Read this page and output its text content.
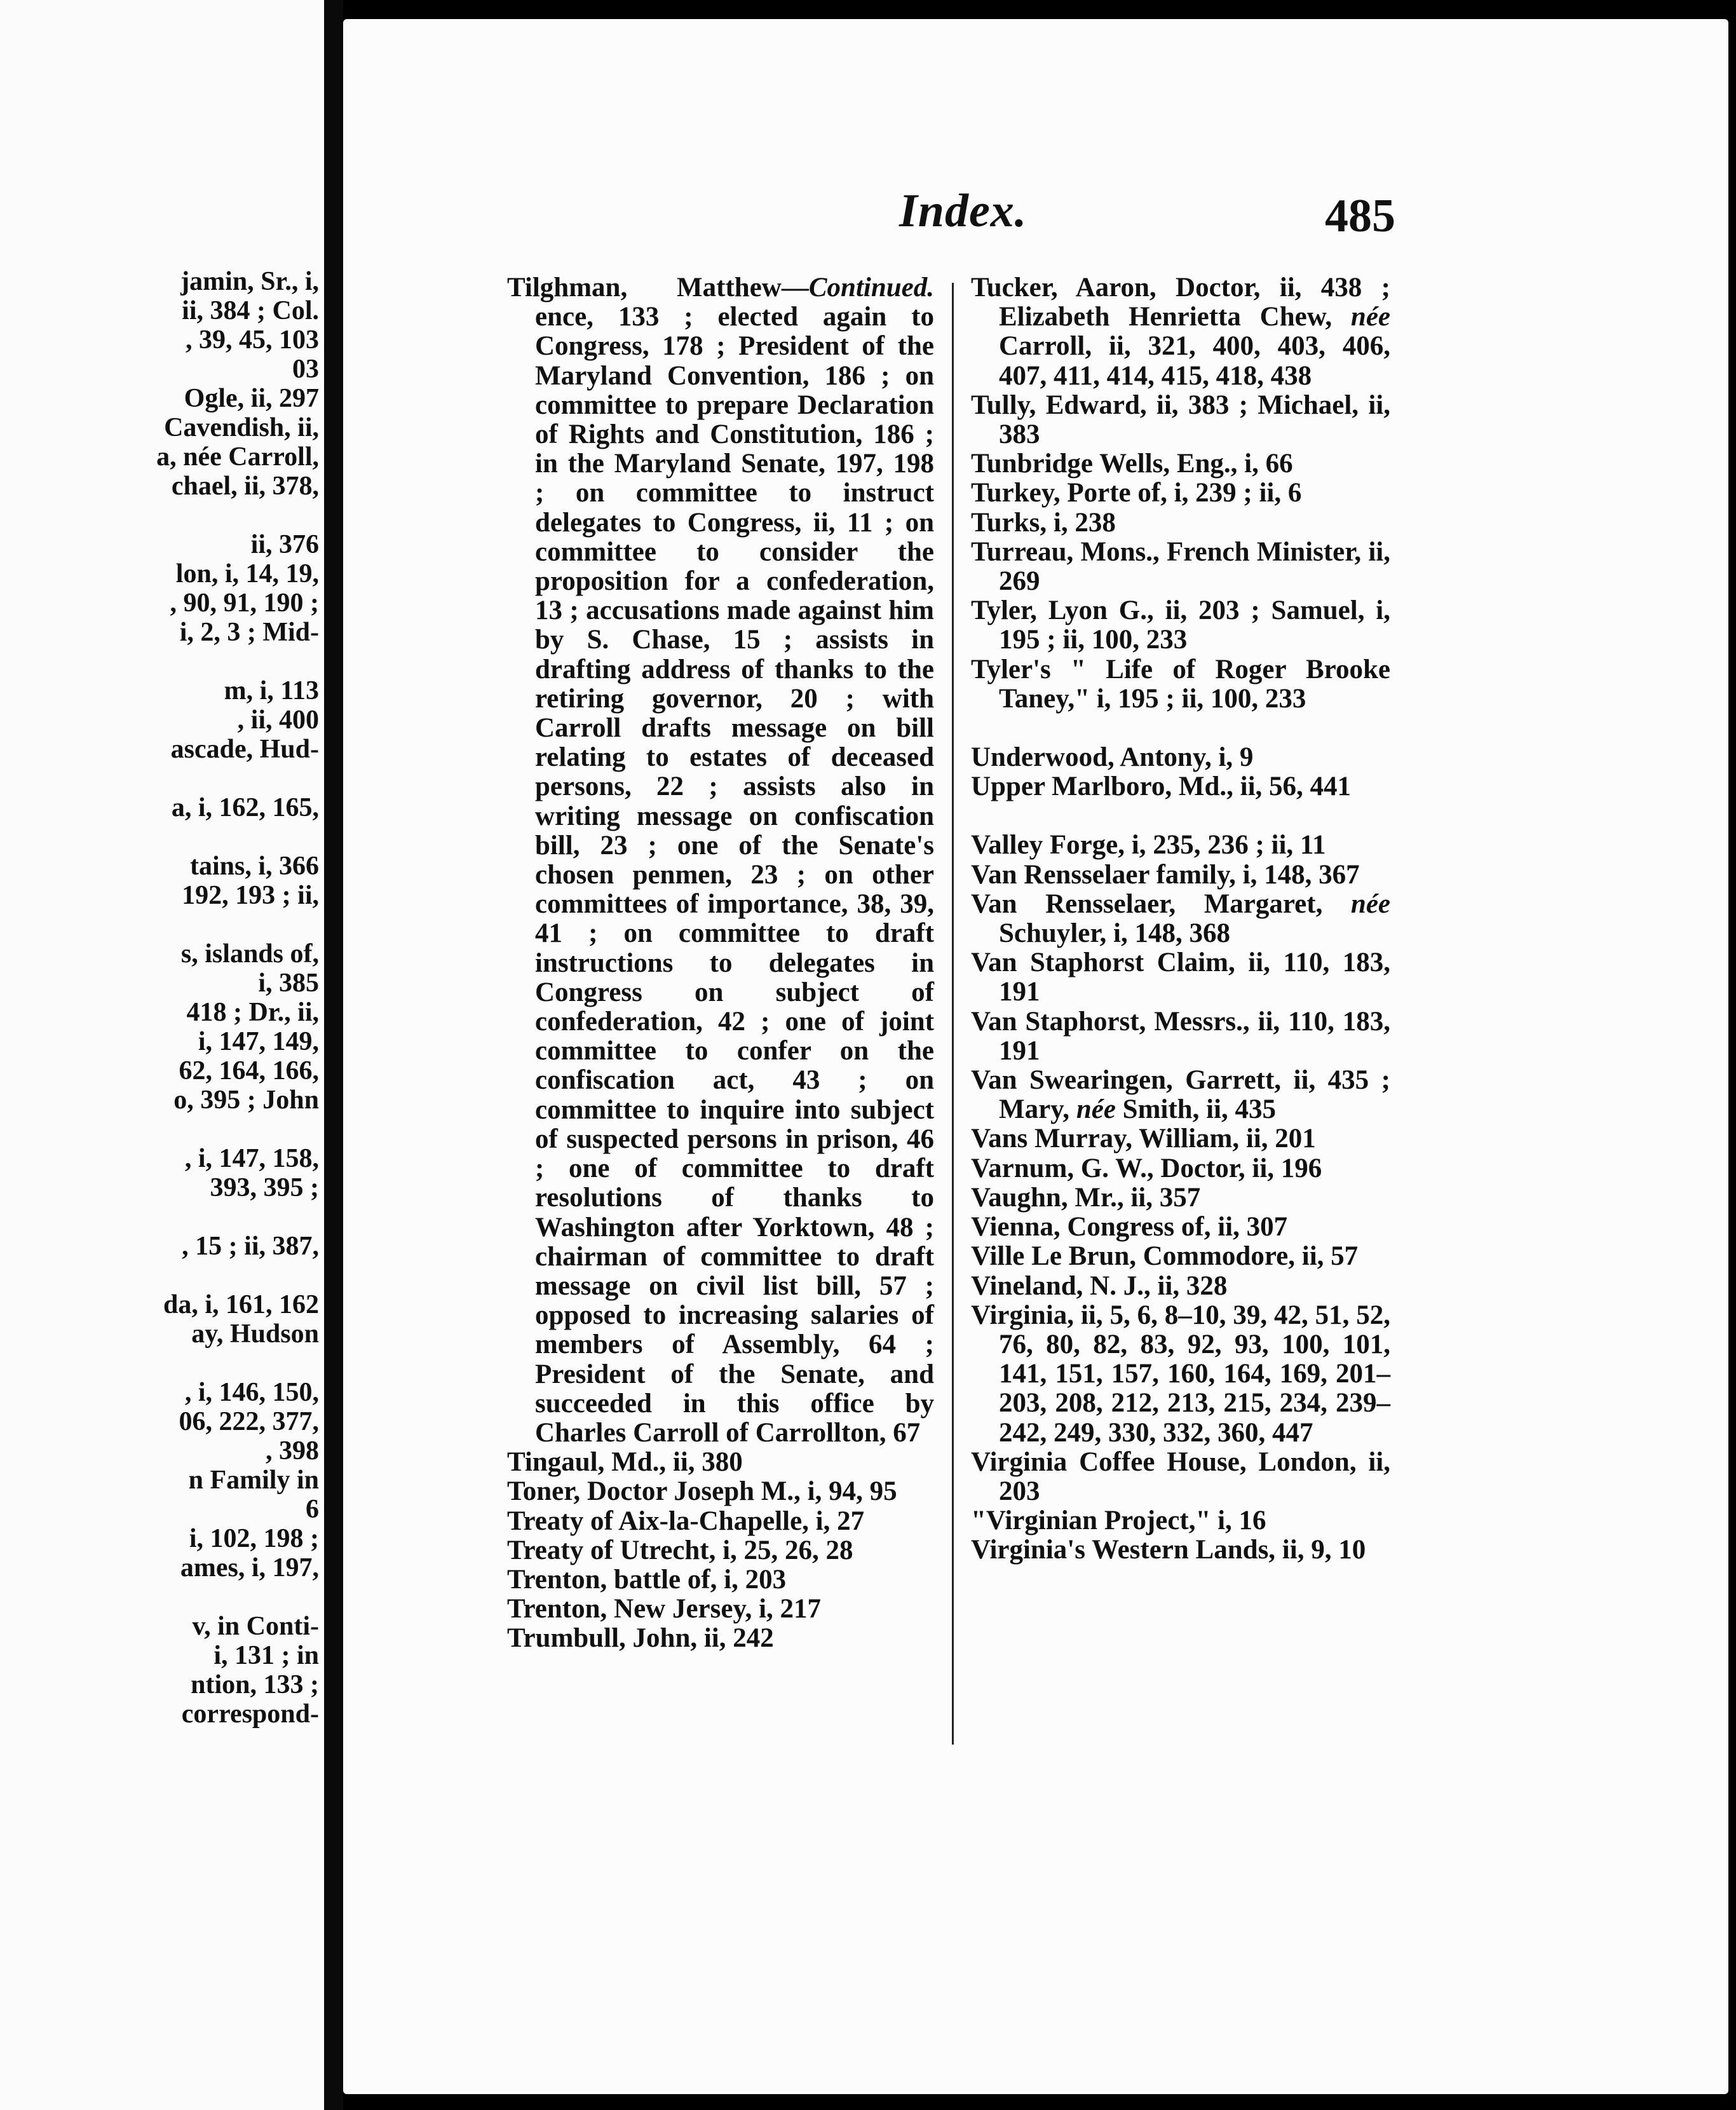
jamin, Sr., i,
ii, 384 ; Col.
, 39, 45, 103
03
Ogle, ii, 297
Cavendish, ii,
a, née Carroll,
chael, ii, 378,
ii, 376
lon, i, 14, 19,
, 90, 91, 190 ;
i, 2, 3 ; Mid-
m, i, 113
, ii, 400
ascade, Hud-
a, i, 162, 165,
tains, i, 366
192, 193 ; ii,
s, islands of,
i, 385
418 ; Dr., ii,
i, 147, 149,
62, 164, 166,
o, 395 ; John
, i, 147, 158,
393, 395 ;
, 15 ; ii, 387,
da, i, 161, 162
ay, Hudson
, i, 146, 150,
06, 222, 377,
, 398
n Family in
6
i, 102, 198 ;
ames, i, 197,
v, in Conti-
i, 131 ; in
ntion, 133 ;
correspond-
Index.	485
Tilghman, Matthew—Continued. ence, 133 ; elected again to Congress, 178 ; President of the Maryland Convention, 186 ; on committee to prepare Declaration of Rights and Constitution, 186 ; in the Maryland Senate, 197, 198 ; on committee to instruct delegates to Congress, ii, 11 ; on committee to consider the proposition for a confederation, 13 ; accusations made against him by S. Chase, 15 ; assists in drafting address of thanks to the retiring governor, 20 ; with Carroll drafts message on bill relating to estates of deceased persons, 22 ; assists also in writing message on confiscation bill, 23 ; one of the Senate's chosen penmen, 23 ; on other committees of importance, 38, 39, 41 ; on committee to draft instructions to delegates in Congress on subject of confederation, 42 ; one of joint committee to confer on the confiscation act, 43 ; on committee to inquire into subject of suspected persons in prison, 46 ; one of committee to draft resolutions of thanks to Washington after Yorktown, 48 ; chairman of committee to draft message on civil list bill, 57 ; opposed to increasing salaries of members of Assembly, 64 ; President of the Senate, and succeeded in this office by Charles Carroll of Carrollton, 67
Tingaul, Md., ii, 380
Toner, Doctor Joseph M., i, 94, 95
Treaty of Aix-la-Chapelle, i, 27
Treaty of Utrecht, i, 25, 26, 28
Trenton, battle of, i, 203
Trenton, New Jersey, i, 217
Trumbull, John, ii, 242
Tucker, Aaron, Doctor, ii, 438 ; Elizabeth Henrietta Chew, née Carroll, ii, 321, 400, 403, 406, 407, 411, 414, 415, 418, 438
Tully, Edward, ii, 383 ; Michael, ii, 383
Tunbridge Wells, Eng., i, 66
Turkey, Porte of, i, 239 ; ii, 6
Turks, i, 238
Turreau, Mons., French Minister, ii, 269
Tyler, Lyon G., ii, 203 ; Samuel, i, 195 ; ii, 100, 233
Tyler's " Life of Roger Brooke Taney," i, 195 ; ii, 100, 233
Underwood, Antony, i, 9
Upper Marlboro, Md., ii, 56, 441
Valley Forge, i, 235, 236 ; ii, 11
Van Rensselaer family, i, 148, 367
Van Rensselaer, Margaret, née Schuyler, i, 148, 368
Van Staphorst Claim, ii, 110, 183, 191
Van Staphorst, Messrs., ii, 110, 183, 191
Van Swearingen, Garrett, ii, 435 ; Mary, née Smith, ii, 435
Vans Murray, William, ii, 201
Varnum, G. W., Doctor, ii, 196
Vaughn, Mr., ii, 357
Vienna, Congress of, ii, 307
Ville Le Brun, Commodore, ii, 57
Vineland, N. J., ii, 328
Virginia, ii, 5, 6, 8–10, 39, 42, 51, 52, 76, 80, 82, 83, 92, 93, 100, 101, 141, 151, 157, 160, 164, 169, 201–203, 208, 212, 213, 215, 234, 239–242, 249, 330, 332, 360, 447
Virginia Coffee House, London, ii, 203
"Virginian Project," i, 16
Virginia's Western Lands, ii, 9, 10
